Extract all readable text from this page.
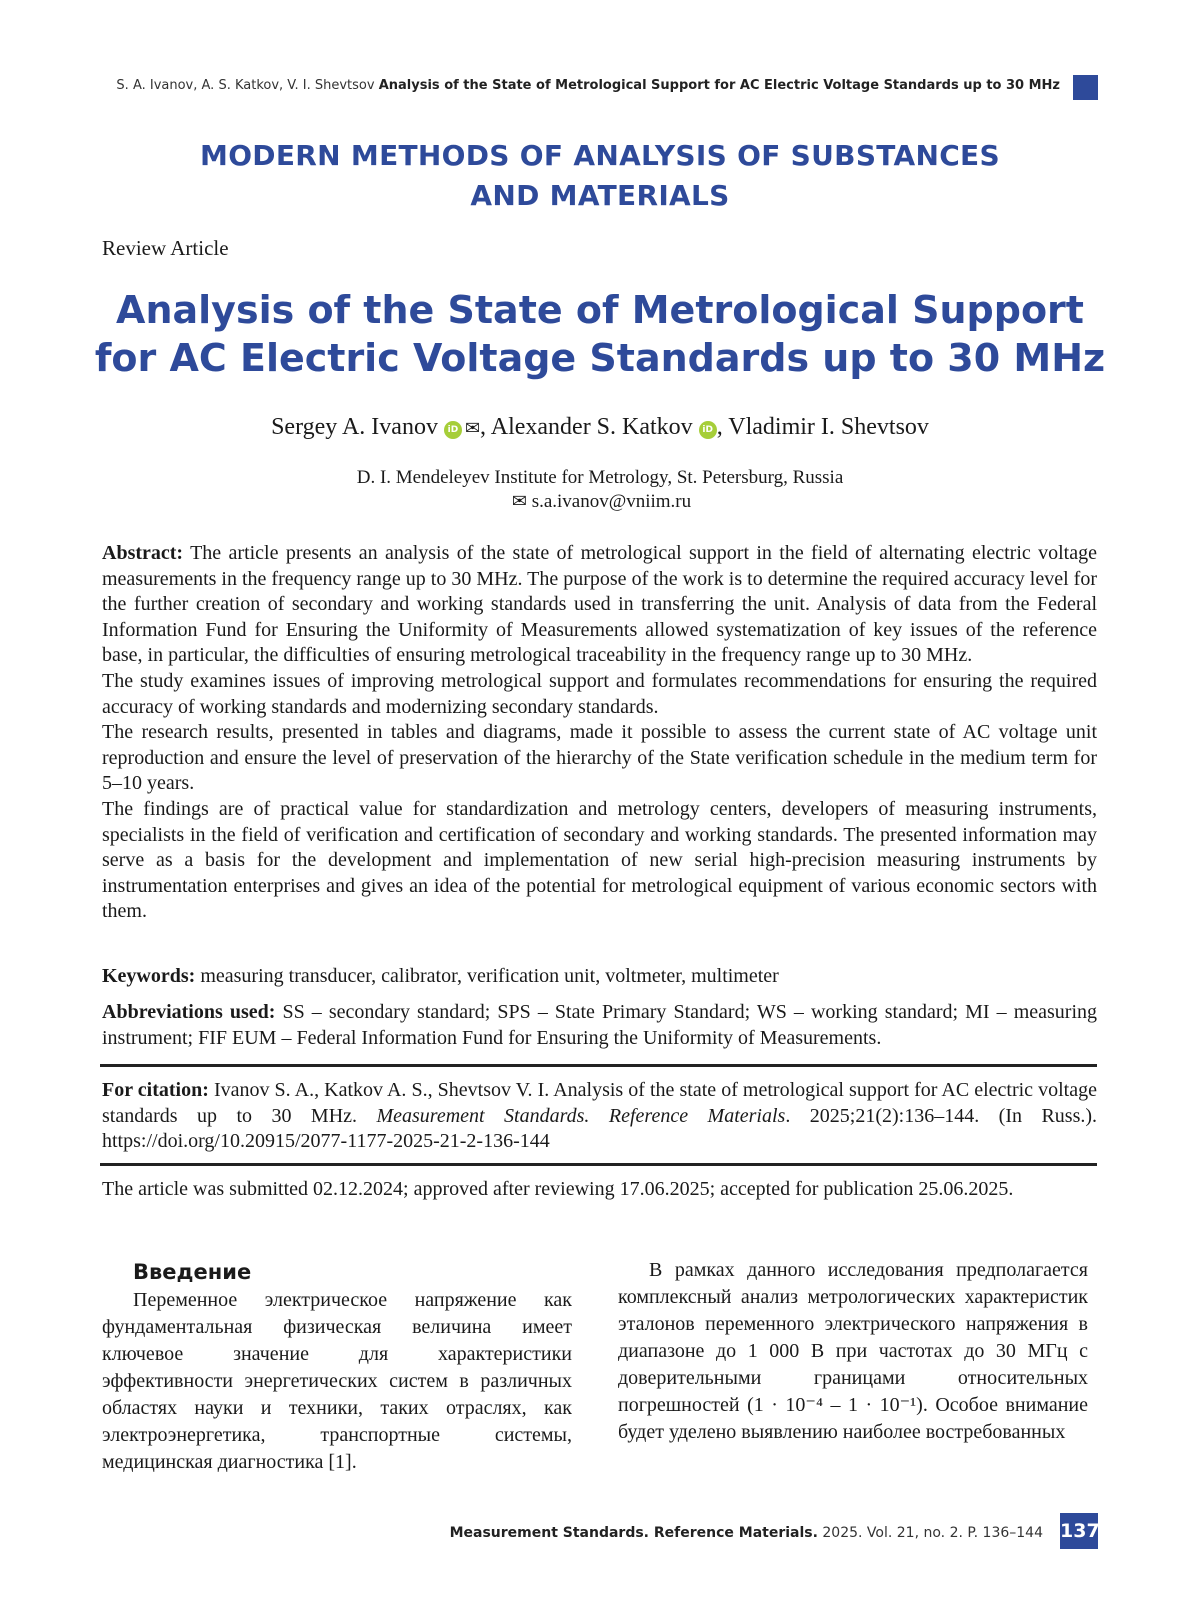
S. A. Ivanov, A. S. Katkov, V. I. Shevtsov Analysis of the State of Metrological Support for AC Electric Voltage Standards up to 30 MHz
MODERN METHODS OF ANALYSIS OF SUBSTANCES
AND MATERIALS
Review Article
Analysis of the State of Metrological Support
for AC Electric Voltage Standards up to 30 MHz
Sergey A. Ivanov iD ✉, Alexander S. Katkov iD , Vladimir I. Shevtsov
D. I. Mendeleyev Institute for Metrology, St. Petersburg, Russia
✉ s.a.ivanov@vniim.ru

Abstract: The article presents an analysis of the state of metrological support in the field of alternating electric voltage measurements in the frequency range up to 30 MHz. The purpose of the work is to determine the required accuracy level for the further creation of secondary and working standards used in transferring the unit. Analysis of data from the Federal Information Fund for Ensuring the Uniformity of Measurements allowed systematization of key issues of the reference base, in particular, the difficulties of ensuring metrological traceability in the frequency range up to 30 MHz.

The study examines issues of improving metrological support and formulates recommendations for ensuring the required accuracy of working standards and modernizing secondary standards.

The research results, presented in tables and diagrams, made it possible to assess the current state of AC voltage unit reproduction and ensure the level of preservation of the hierarchy of the State verification schedule in the medium term for 5–10 years.

The findings are of practical value for standardization and metrology centers, developers of measuring instruments, specialists in the field of verification and certification of secondary and working standards. The presented information may serve as a basis for the development and implementation of new serial high-precision measuring instruments by instrumentation enterprises and gives an idea of the potential for metrological equipment of various economic sectors with them.

Keywords: measuring transducer, calibrator, verification unit, voltmeter, multimeter
Abbreviations used: SS – secondary standard; SPS – State Primary Standard; WS – working standard; MI – measuring instrument; FIF EUM – Federal Information Fund for Ensuring the Uniformity of Measurements.
For citation: Ivanov S. A., Katkov A. S., Shevtsov V. I. Analysis of the state of metrological support for AC electric voltage standards up to 30 MHz. Measurement Standards. Reference Materials. 2025;21(2):136–144. (In Russ.). https://doi.org/10.20915/2077-1177-2025-21-2-136-144
The article was submitted 02.12.2024; approved after reviewing 17.06.2025; accepted for publication 25.06.2025.
Введение

Переменное электрическое напряжение как фундаментальная физическая величина имеет ключевое значение для характеристики эффективности энергетических систем в различных областях науки и техники, таких отраслях, как электроэнергетика, транспортные системы, медицинская диагностика [1].

В рамках данного исследования предполагается комплексный анализ метрологических характеристик эталонов переменного электрического напряжения в диапазоне до 1 000 В при частотах до 30 МГц с доверительными границами относительных погрешностей (1 · 10⁻⁴ – 1 · 10⁻¹). Особое внимание будет уделено выявлению наиболее востребованных

Measurement Standards. Reference Materials. 2025. Vol. 21, no. 2. P. 136–144 137
